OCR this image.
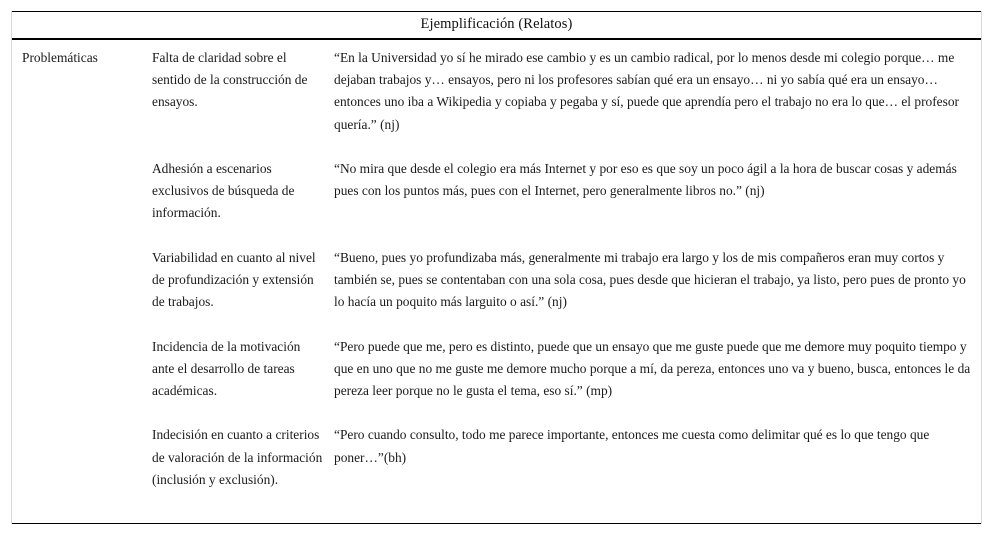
Ejemplificación (Relatos)
Problemáticas	Falta de claridad sobre el sentido de la construcción de ensayos.

Adhesión a escenarios exclusivos de búsqueda de información.

Variabilidad en cuanto al nivel de profundización y extensión de trabajos.

Incidencia de la motivación ante el desarrollo de tareas académicas.

Indecisión en cuanto a criterios de valoración de la información (inclusión y exclusión).

“En la Universidad yo sí he mirado ese cambio y es un cambio radical, por lo menos desde mi colegio porque… me dejaban trabajos y… ensayos, pero ni los profesores sabían qué era un ensayo… ni yo sabía qué era un ensayo… entonces uno iba a Wikipedia y copiaba y pegaba y sí, puede que aprendía pero el trabajo no era lo que… el profesor quería.” (nj)

“No mira que desde el colegio era más Internet y por eso es que soy un poco ágil a la hora de buscar cosas y además pues con los puntos más, pues con el Internet, pero generalmente libros no.” (nj)

“Bueno, pues yo profundizaba más, generalmente mi trabajo era largo y los de mis compañeros eran muy cortos y también se, pues se contentaban con una sola cosa, pues desde que hicieran el trabajo, ya listo, pero pues de pronto yo lo hacía un poquito más larguito o así.” (nj)

“Pero puede que me, pero es distinto, puede que un ensayo que me guste puede que me demore muy poquito tiempo y que en uno que no me guste me demore mucho porque a mí, da pereza, entonces uno va y bueno, busca, entonces le da pereza leer porque no le gusta el tema, eso sí.” (mp)

“Pero cuando consulto, todo me parece importante, entonces me cuesta como delimitar qué es lo que tengo que poner…”(bh)
